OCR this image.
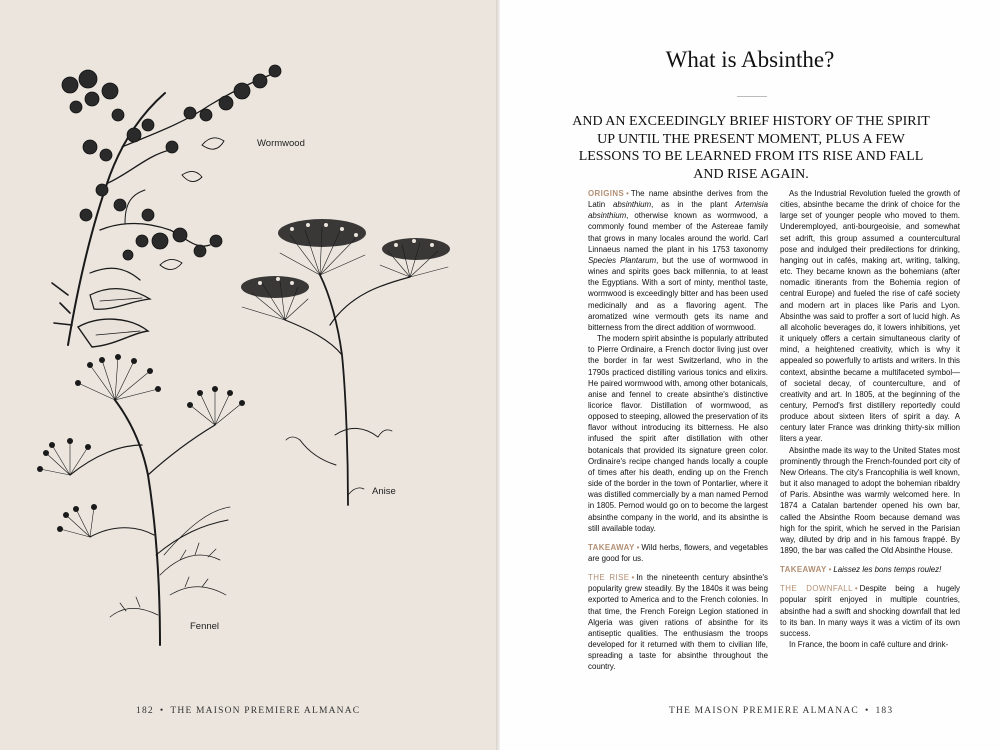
Wormwood
Anise
Fennel
What is Absinthe?

AND AN EXCEEDINGLY BRIEF HISTORY OF THE SPIRIT UP UNTIL THE PRESENT MOMENT, PLUS A FEW LESSONS TO BE LEARNED FROM ITS RISE AND FALL AND RISE AGAIN.

ORIGINS • The name absinthe derives from the Latin absinthium, as in the plant Artemisia absinthium, otherwise known as wormwood, a commonly found member of the Astereae family that grows in many locales around the world. Carl Linnaeus named the plant in his 1753 taxonomy Species Plantarum, but the use of wormwood in wines and spirits goes back millennia, to at least the Egyptians. With a sort of minty, menthol taste, wormwood is exceedingly bitter and has been used medicinally and as a flavoring agent. The aromatized wine vermouth gets its name and bitterness from the direct addition of wormwood.

The modern spirit absinthe is popularly attributed to Pierre Ordinaire, a French doctor living just over the border in far west Switzerland, who in the 1790s practiced distilling various tonics and elixirs. He paired wormwood with, among other botanicals, anise and fennel to create absinthe's distinctive licorice flavor. Distillation of wormwood, as opposed to steeping, allowed the preservation of its flavor without introducing its bitterness. He also infused the spirit after distillation with other botanicals that provided its signature green color. Ordinaire's recipe changed hands locally a couple of times after his death, ending up on the French side of the border in the town of Pontarlier, where it was distilled commercially by a man named Pernod in 1805. Pernod would go on to become the largest absinthe company in the world, and its absinthe is still available today.

TAKEAWAY • Wild herbs, flowers, and vegetables are good for us.

THE RISE • In the nineteenth century absinthe's popularity grew steadily. By the 1840s it was being exported to America and to the French colonies. In that time, the French Foreign Legion stationed in Algeria was given rations of absinthe for its antiseptic qualities. The enthusiasm the troops developed for it returned with them to civilian life, spreading a taste for absinthe throughout the country.

As the Industrial Revolution fueled the growth of cities, absinthe became the drink of choice for the large set of younger people who moved to them. Underemployed, anti-bourgeoisie, and somewhat set adrift, this group assumed a countercultural pose and indulged their predilections for drinking, hanging out in cafés, making art, writing, talking, etc. They became known as the bohemians (after nomadic itinerants from the Bohemia region of central Europe) and fueled the rise of café society and modern art in places like Paris and Lyon. Absinthe was said to proffer a sort of lucid high. As all alcoholic beverages do, it lowers inhibitions, yet it uniquely offers a certain simultaneous clarity of mind, a heightened creativity, which is why it appealed so powerfully to artists and writers. In this context, absinthe became a multifaceted symbol—of societal decay, of counterculture, and of creativity and art. In 1805, at the beginning of the century, Pernod's first distillery reportedly could produce about sixteen liters of spirit a day. A century later France was drinking thirty-six million liters a year.

Absinthe made its way to the United States most prominently through the French-founded port city of New Orleans. The city's Francophilia is well known, but it also managed to adopt the bohemian ribaldry of Paris. Absinthe was warmly welcomed here. In 1874 a Catalan bartender opened his own bar, called the Absinthe Room because demand was high for the spirit, which he served in the Parisian way, diluted by drip and in his famous frappé. By 1890, the bar was called the Old Absinthe House.

TAKEAWAY • Laissez les bons temps roulez!

THE DOWNFALL • Despite being a hugely popular spirit enjoyed in multiple countries, absinthe had a swift and shocking downfall that led to its ban. In many ways it was a victim of its own success.

In France, the boom in café culture and drink-

182 • THE MAISON PREMIERE ALMANAC	THE MAISON PREMIERE ALMANAC • 183
